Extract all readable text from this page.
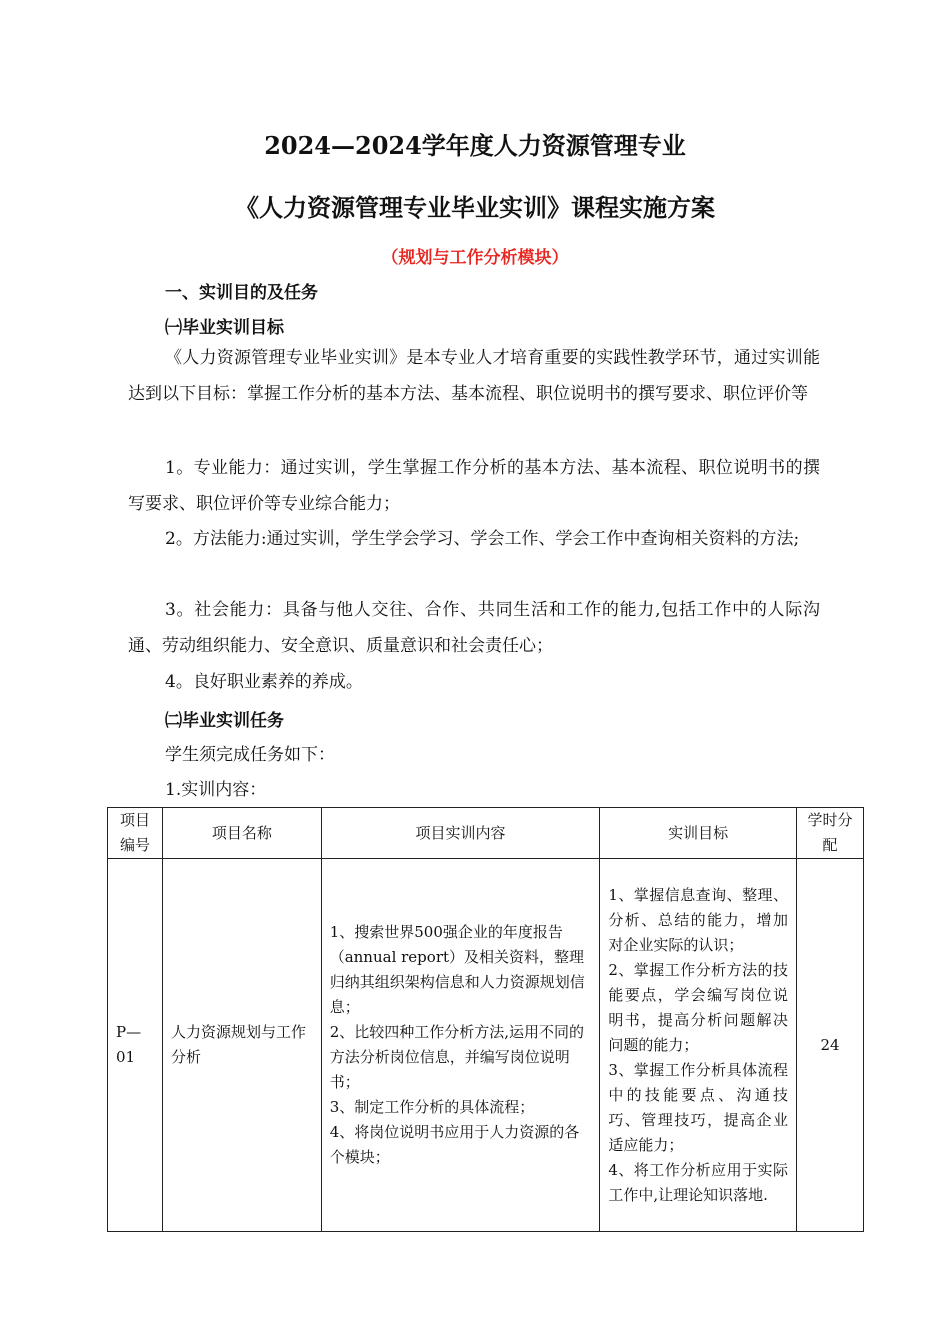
2024—2024学年度人力资源管理专业
《人力资源管理专业毕业实训》课程实施方案
（规划与工作分析模块）
一、实训目的及任务
㈠毕业实训目标
《人力资源管理专业毕业实训》是本专业人才培育重要的实践性教学环节，通过实训能达到以下目标：掌握工作分析的基本方法、基本流程、职位说明书的撰写要求、职位评价等
1。专业能力：通过实训，学生掌握工作分析的基本方法、基本流程、职位说明书的撰写要求、职位评价等专业综合能力；
2。方法能力:通过实训，学生学会学习、学会工作、学会工作中查询相关资料的方法;
3。社会能力：具备与他人交往、合作、共同生活和工作的能力,包括工作中的人际沟通、劳动组织能力、安全意识、质量意识和社会责任心；
4。良好职业素养的养成。
㈡毕业实训任务
学生须完成任务如下：
1.实训内容：
项目编号	项目名称	项目实训内容	实训目标	学时分配
P—01	人力资源规划与工作分析	1、搜索世界500强企业的年度报告（annual report）及相关资料，整理归纳其组织架构信息和人力资源规划信息；
2、比较四种工作分析方法,运用不同的方法分析岗位信息，并编写岗位说明书；
3、制定工作分析的具体流程；
4、将岗位说明书应用于人力资源的各个模块；	1、掌握信息查询、整理、分析、总结的能力，增加对企业实际的认识；
2、掌握工作分析方法的技能要点，学会编写岗位说明书，提高分析问题解决问题的能力；
3、掌握工作分析具体流程中的技能要点、沟通技巧、管理技巧，提高企业适应能力；
4、将工作分析应用于实际工作中,让理论知识落地.	24
